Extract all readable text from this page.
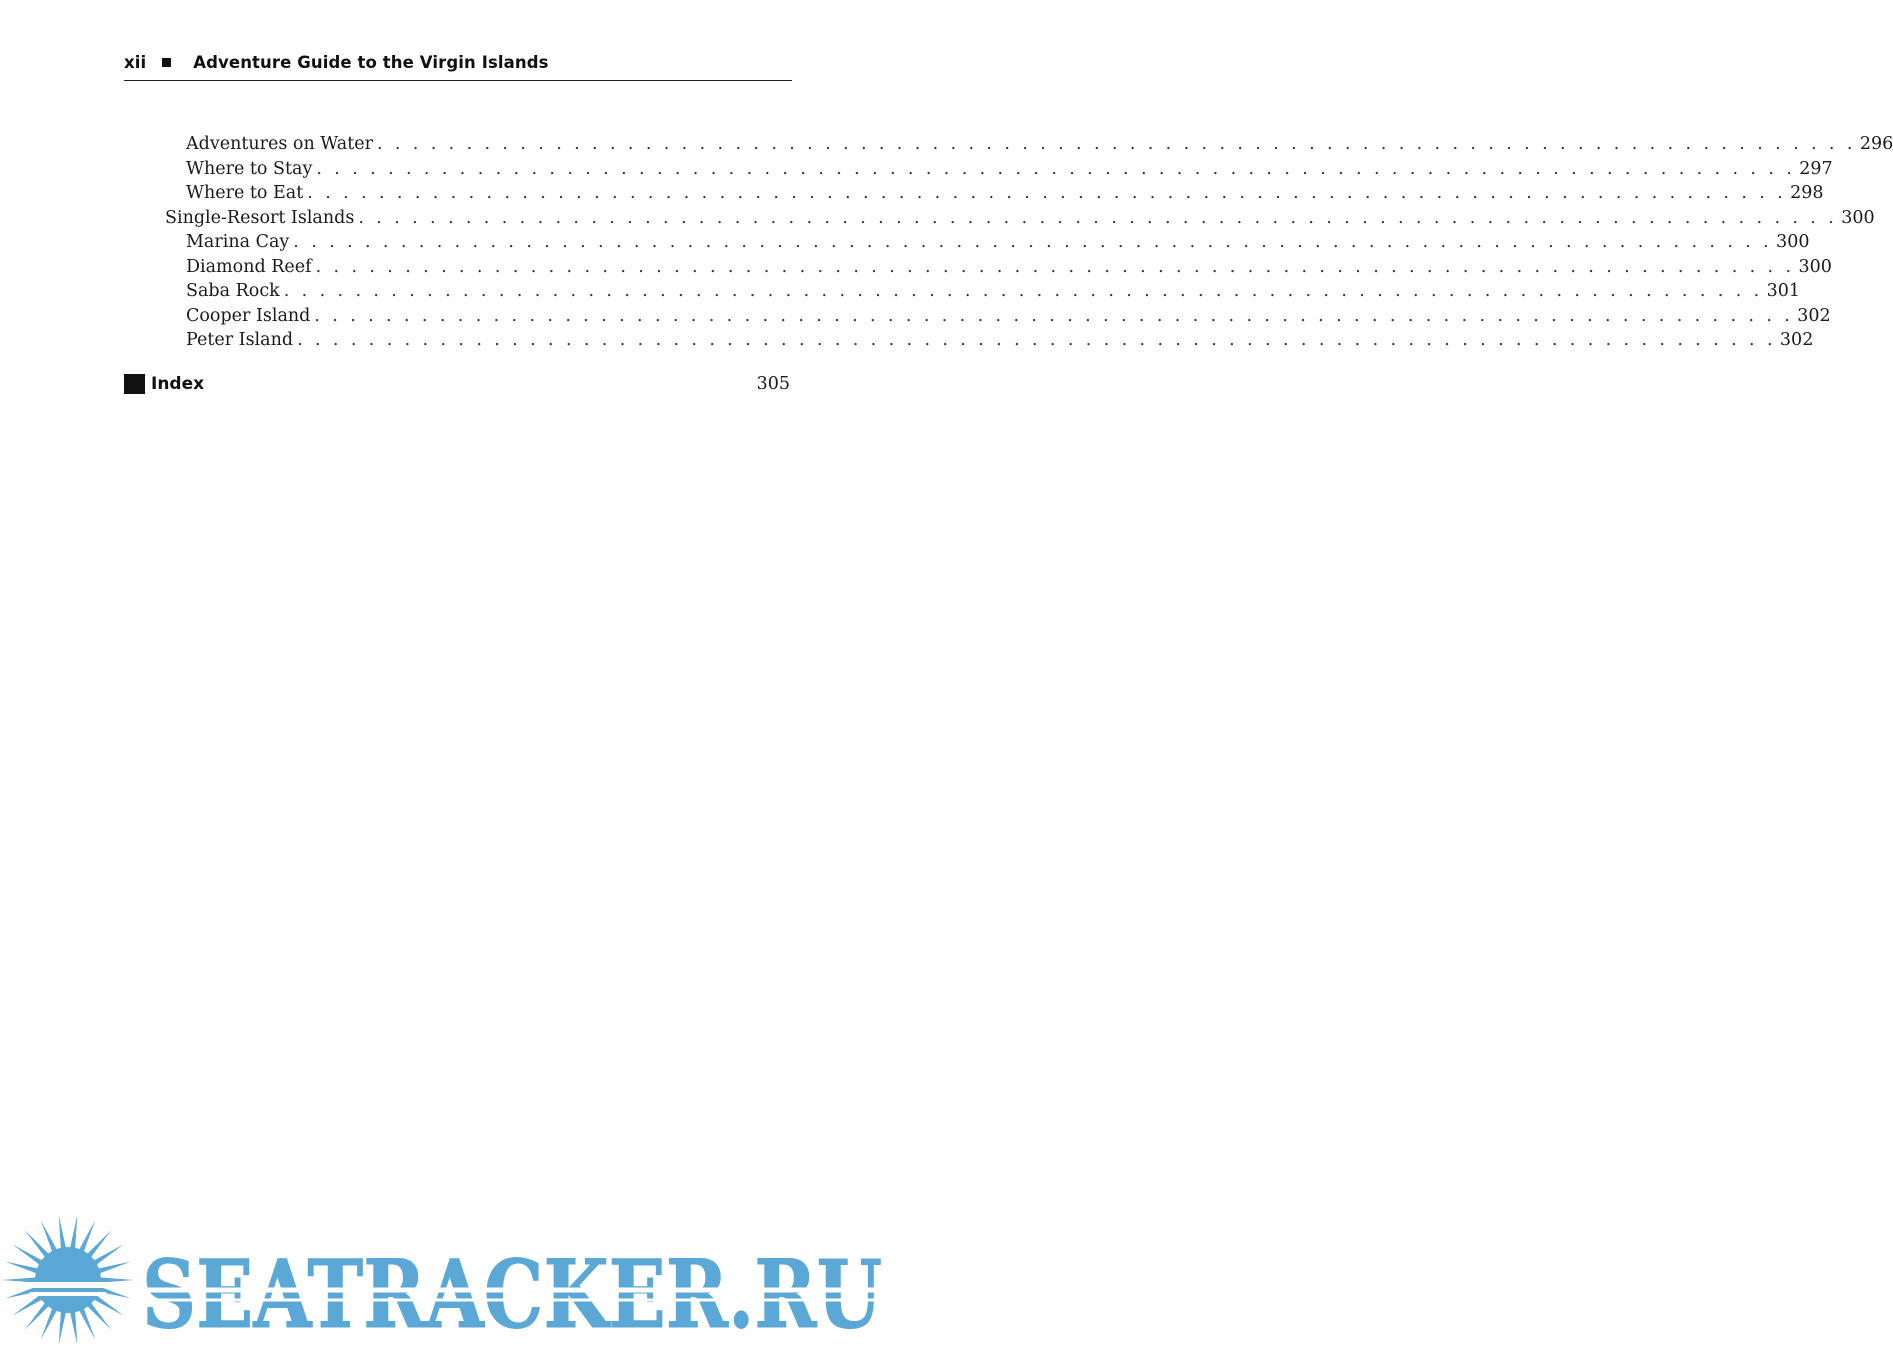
xii	Adventure Guide to the Virgin Islands
Adventures on Water . . .	296
Where to Stay . . .	297
Where to Eat . . .	298
Single-Resort Islands . . .	300
Marina Cay . . .	300
Diamond Reef . . .	300
Saba Rock . . .	301
Cooper Island . . .	302
Peter Island . . .	302
Index	305
SEATRACKER.RU
